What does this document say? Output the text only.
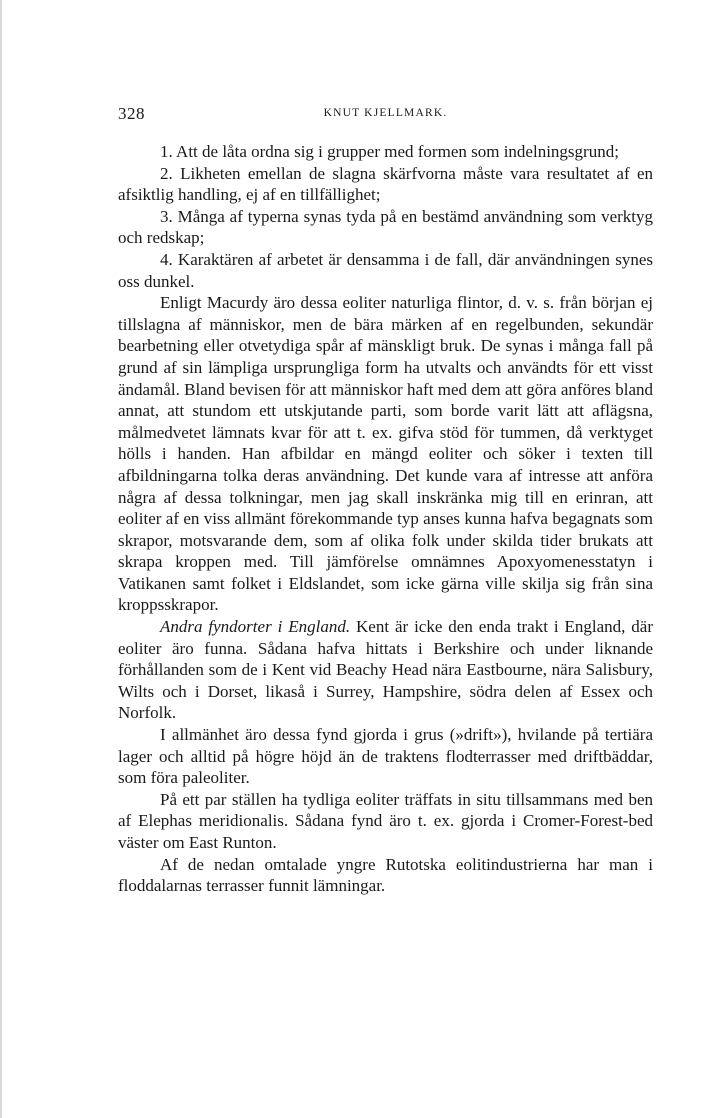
328	KNUT KJELLMARK.

1. Att de låta ordna sig i grupper med formen som indelningsgrund;

2. Likheten emellan de slagna skärfvorna måste vara resultatet af en afsiktlig handling, ej af en tillfällighet;

3. Många af typerna synas tyda på en bestämd användning som verktyg och redskap;

4. Karaktären af arbetet är densamma i de fall, där användningen synes oss dunkel.

Enligt Macurdy äro dessa eoliter naturliga flintor, d. v. s. från början ej tillslagna af människor, men de bära märken af en regelbunden, sekundär bearbetning eller otvetydiga spår af mänskligt bruk. De synas i många fall på grund af sin lämpliga ursprungliga form ha utvalts och användts för ett visst ändamål. Bland bevisen för att människor haft med dem att göra anföres bland annat, att stundom ett utskjutande parti, som borde varit lätt att aflägsna, målmedvetet lämnats kvar för att t. ex. gifva stöd för tummen, då verktyget hölls i handen. Han afbildar en mängd eoliter och söker i texten till afbildningarna tolka deras användning. Det kunde vara af intresse att anföra några af dessa tolkningar, men jag skall inskränka mig till en erinran, att eoliter af en viss allmänt förekommande typ anses kunna hafva begagnats som skrapor, motsvarande dem, som af olika folk under skilda tider brukats att skrapa kroppen med. Till jämförelse omnämnes Apoxyomenesstatyn i Vatikanen samt folket i Eldslandet, som icke gärna ville skilja sig från sina kroppsskrapor.

Andra fyndorter i England. Kent är icke den enda trakt i England, där eoliter äro funna. Sådana hafva hittats i Berkshire och under liknande förhållanden som de i Kent vid Beachy Head nära Eastbourne, nära Salisbury, Wilts och i Dorset, likaså i Surrey, Hampshire, södra delen af Essex och Norfolk.

I allmänhet äro dessa fynd gjorda i grus (»drift»), hvilande på tertiära lager och alltid på högre höjd än de traktens flodterrasser med driftbäddar, som föra paleoliter.

På ett par ställen ha tydliga eoliter träffats in situ tillsammans med ben af Elephas meridionalis. Sådana fynd äro t. ex. gjorda i Cromer-Forest-bed väster om East Runton.

Af de nedan omtalade yngre Rutotska eolitindustrierna har man i floddalarnas terrasser funnit lämningar.
